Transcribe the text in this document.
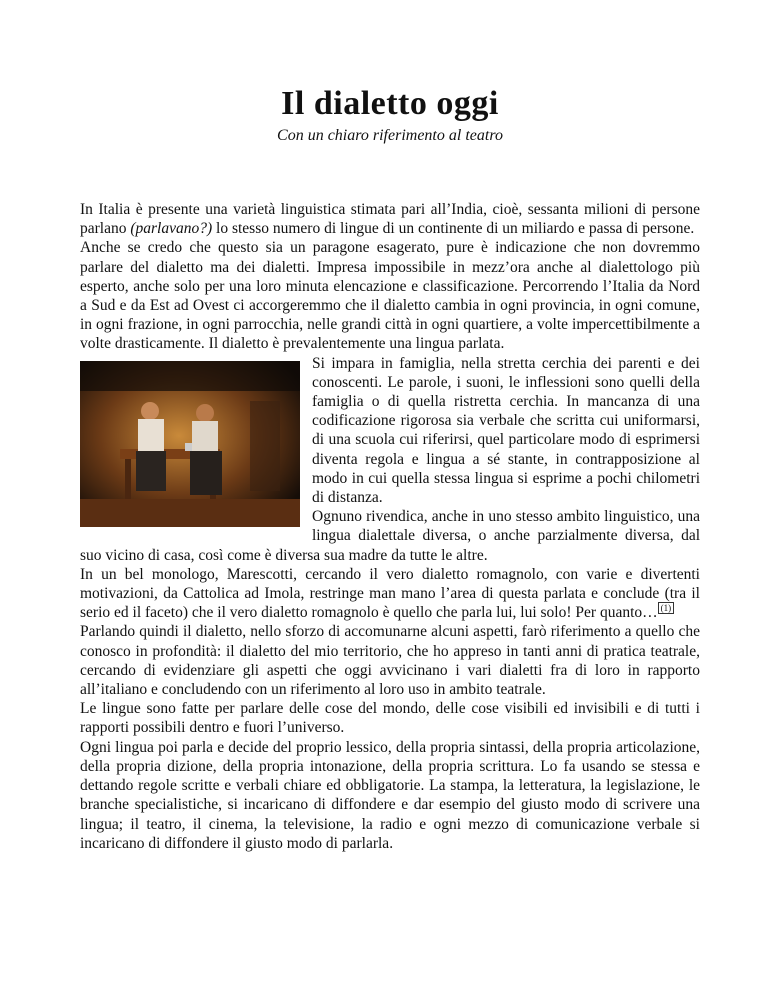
Il dialetto oggi
Con un chiaro riferimento al teatro

In Italia è presente una varietà linguistica stimata pari all’India, cioè, sessanta milioni di persone parlano (parlavano?) lo stesso numero di lingue di un continente di un miliardo e passa di persone.

Anche se credo che questo sia un paragone esagerato, pure è indicazione che non dovremmo parlare del dialetto ma dei dialetti. Impresa impossibile in mezz’ora anche al dialettologo più esperto, anche solo per una loro minuta elencazione e classificazione. Percorrendo l’Italia da Nord a Sud e da Est ad Ovest ci accorgeremmo che il dialetto cambia in ogni provincia, in ogni comune, in ogni frazione, in ogni parrocchia, nelle grandi città in ogni quartiere, a volte impercettibilmente a volte drasticamente. Il dialetto è prevalentemente una lingua parlata.

Si impara in famiglia, nella stretta cerchia dei parenti e dei conoscenti. Le parole, i suoni, le inflessioni sono quelli della famiglia o di quella ristretta cerchia. In mancanza di una codificazione rigorosa sia verbale che scritta cui uniformarsi, di una scuola cui riferirsi, quel particolare modo di esprimersi diventa regola e lingua a sé stante, in contrapposizione al modo in cui quella stessa lingua si esprime a pochi chilometri di distanza.

Ognuno rivendica, anche in uno stesso ambito linguistico, una lingua dialettale diversa, o anche parzialmente diversa, dal suo vicino di casa, così come è diversa sua madre da tutte le altre.

In un bel monologo, Marescotti, cercando il vero dialetto romagnolo, con varie e divertenti motivazioni, da Cattolica ad Imola, restringe man mano l’area di questa parlata e conclude (tra il serio ed il faceto) che il vero dialetto romagnolo è quello che parla lui, lui solo! Per quanto… $^{(1)}$

Parlando quindi il dialetto, nello sforzo di accomunarne alcuni aspetti, farò riferimento a quello che conosco in profondità: il dialetto del mio territorio, che ho appreso in tanti anni di pratica teatrale, cercando di evidenziare gli aspetti che oggi avvicinano i vari dialetti fra di loro in rapporto all’italiano e concludendo con un riferimento al loro uso in ambito teatrale.

Le lingue sono fatte per parlare delle cose del mondo, delle cose visibili ed invisibili e di tutti i rapporti possibili dentro e fuori l’universo.

Ogni lingua poi parla e decide del proprio lessico, della propria sintassi, della propria articolazione, della propria dizione, della propria intonazione, della propria scrittura. Lo fa usando se stessa e dettando regole scritte e verbali chiare ed obbligatorie. La stampa, la letteratura, la legislazione, le branche specialistiche, si incaricano di diffondere e dar esempio del giusto modo di scrivere una lingua; il teatro, il cinema, la televisione, la radio e ogni mezzo di comunicazione verbale si incaricano di diffondere il giusto modo di parlarla.
